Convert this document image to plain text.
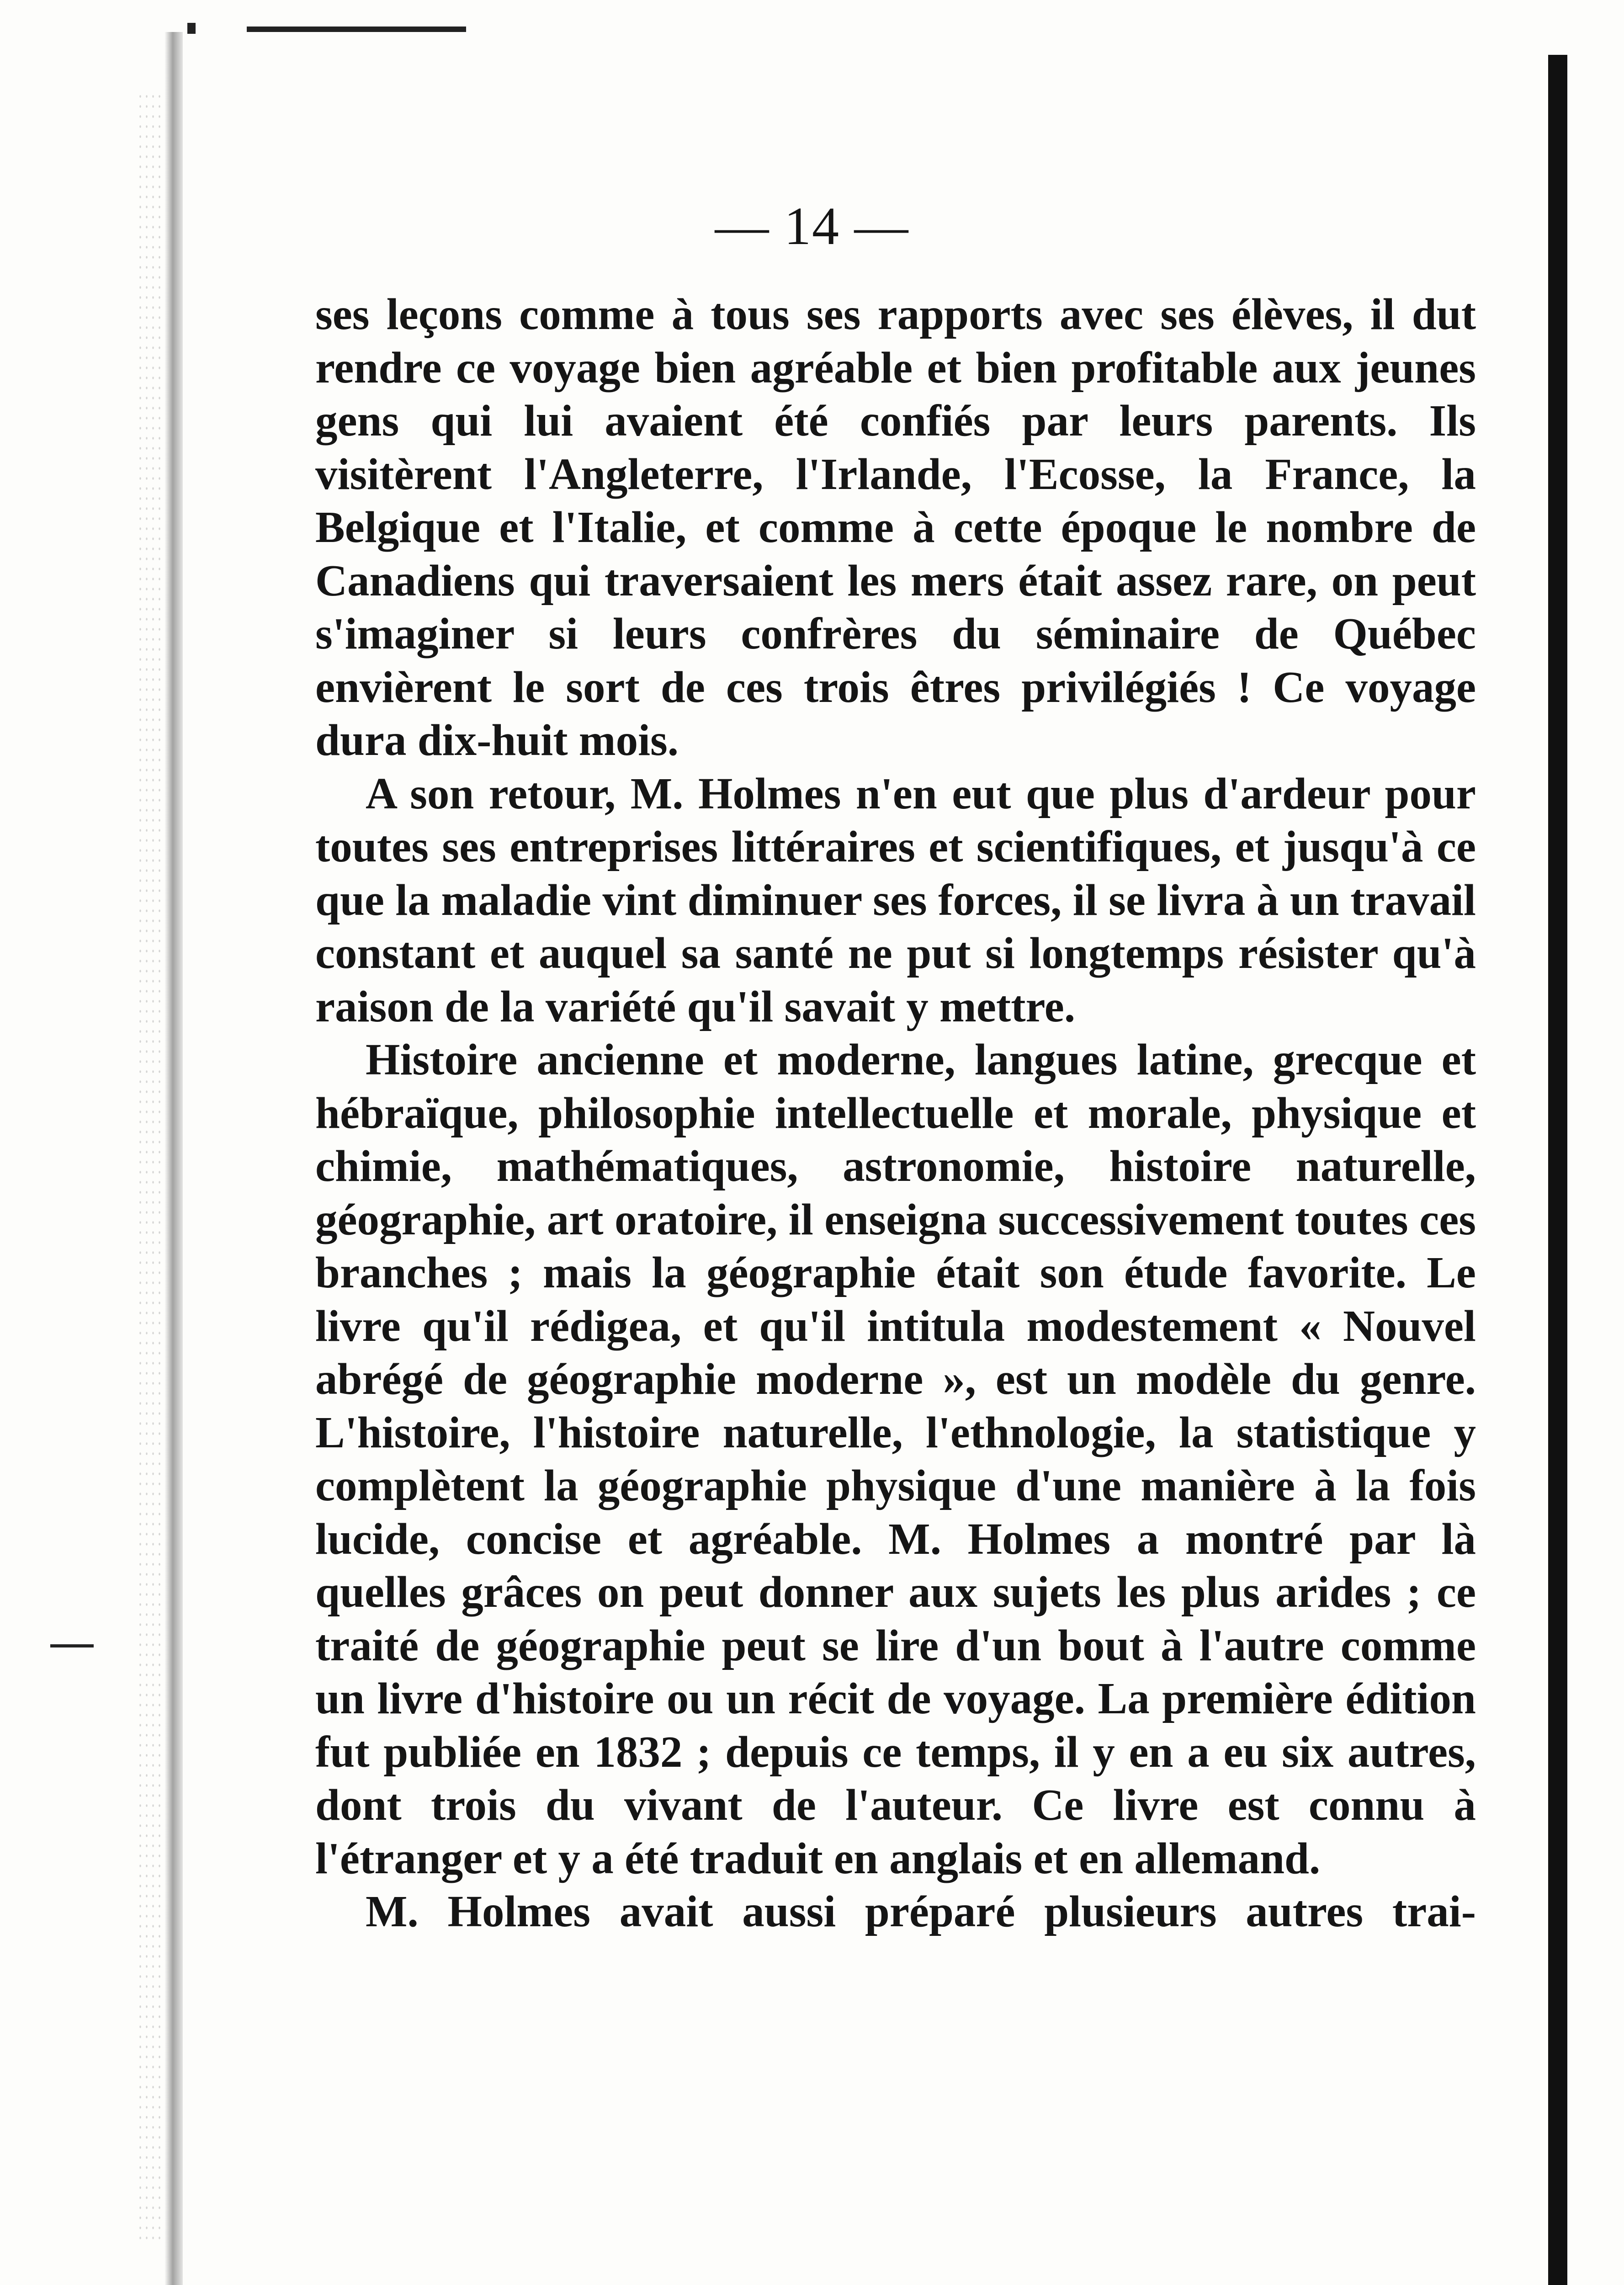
— 14 —

ses leçons comme à tous ses rapports avec ses élèves, il dut rendre ce voyage bien agréable et bien profitable aux jeunes gens qui lui avaient été confiés par leurs parents. Ils visitèrent l'Angleterre, l'Irlande, l'Ecosse, la France, la Belgique et l'Italie, et comme à cette époque le nombre de Canadiens qui traversaient les mers était assez rare, on peut s'imaginer si leurs confrères du séminaire de Québec envièrent le sort de ces trois êtres privilégiés ! Ce voyage dura dix-huit mois.

A son retour, M. Holmes n'en eut que plus d'ardeur pour toutes ses entreprises littéraires et scientifiques, et jusqu'à ce que la maladie vint diminuer ses forces, il se livra à un travail constant et auquel sa santé ne put si longtemps résister qu'à raison de la variété qu'il savait y mettre.

Histoire ancienne et moderne, langues latine, grecque et hébraïque, philosophie intellectuelle et morale, physique et chimie, mathématiques, astronomie, histoire naturelle, géographie, art oratoire, il enseigna successivement toutes ces branches ; mais la géographie était son étude favorite. Le livre qu'il rédigea, et qu'il intitula modestement « Nouvel abrégé de géographie moderne », est un modèle du genre. L'histoire, l'histoire naturelle, l'ethnologie, la statistique y complètent la géographie physique d'une manière à la fois lucide, concise et agréable. M. Holmes a montré par là quelles grâces on peut donner aux sujets les plus arides ; ce traité de géographie peut se lire d'un bout à l'autre comme un livre d'histoire ou un récit de voyage. La première édition fut publiée en 1832 ; depuis ce temps, il y en a eu six autres, dont trois du vivant de l'auteur. Ce livre est connu à l'étranger et y a été traduit en anglais et en allemand.

M. Holmes avait aussi préparé plusieurs autres trai-
